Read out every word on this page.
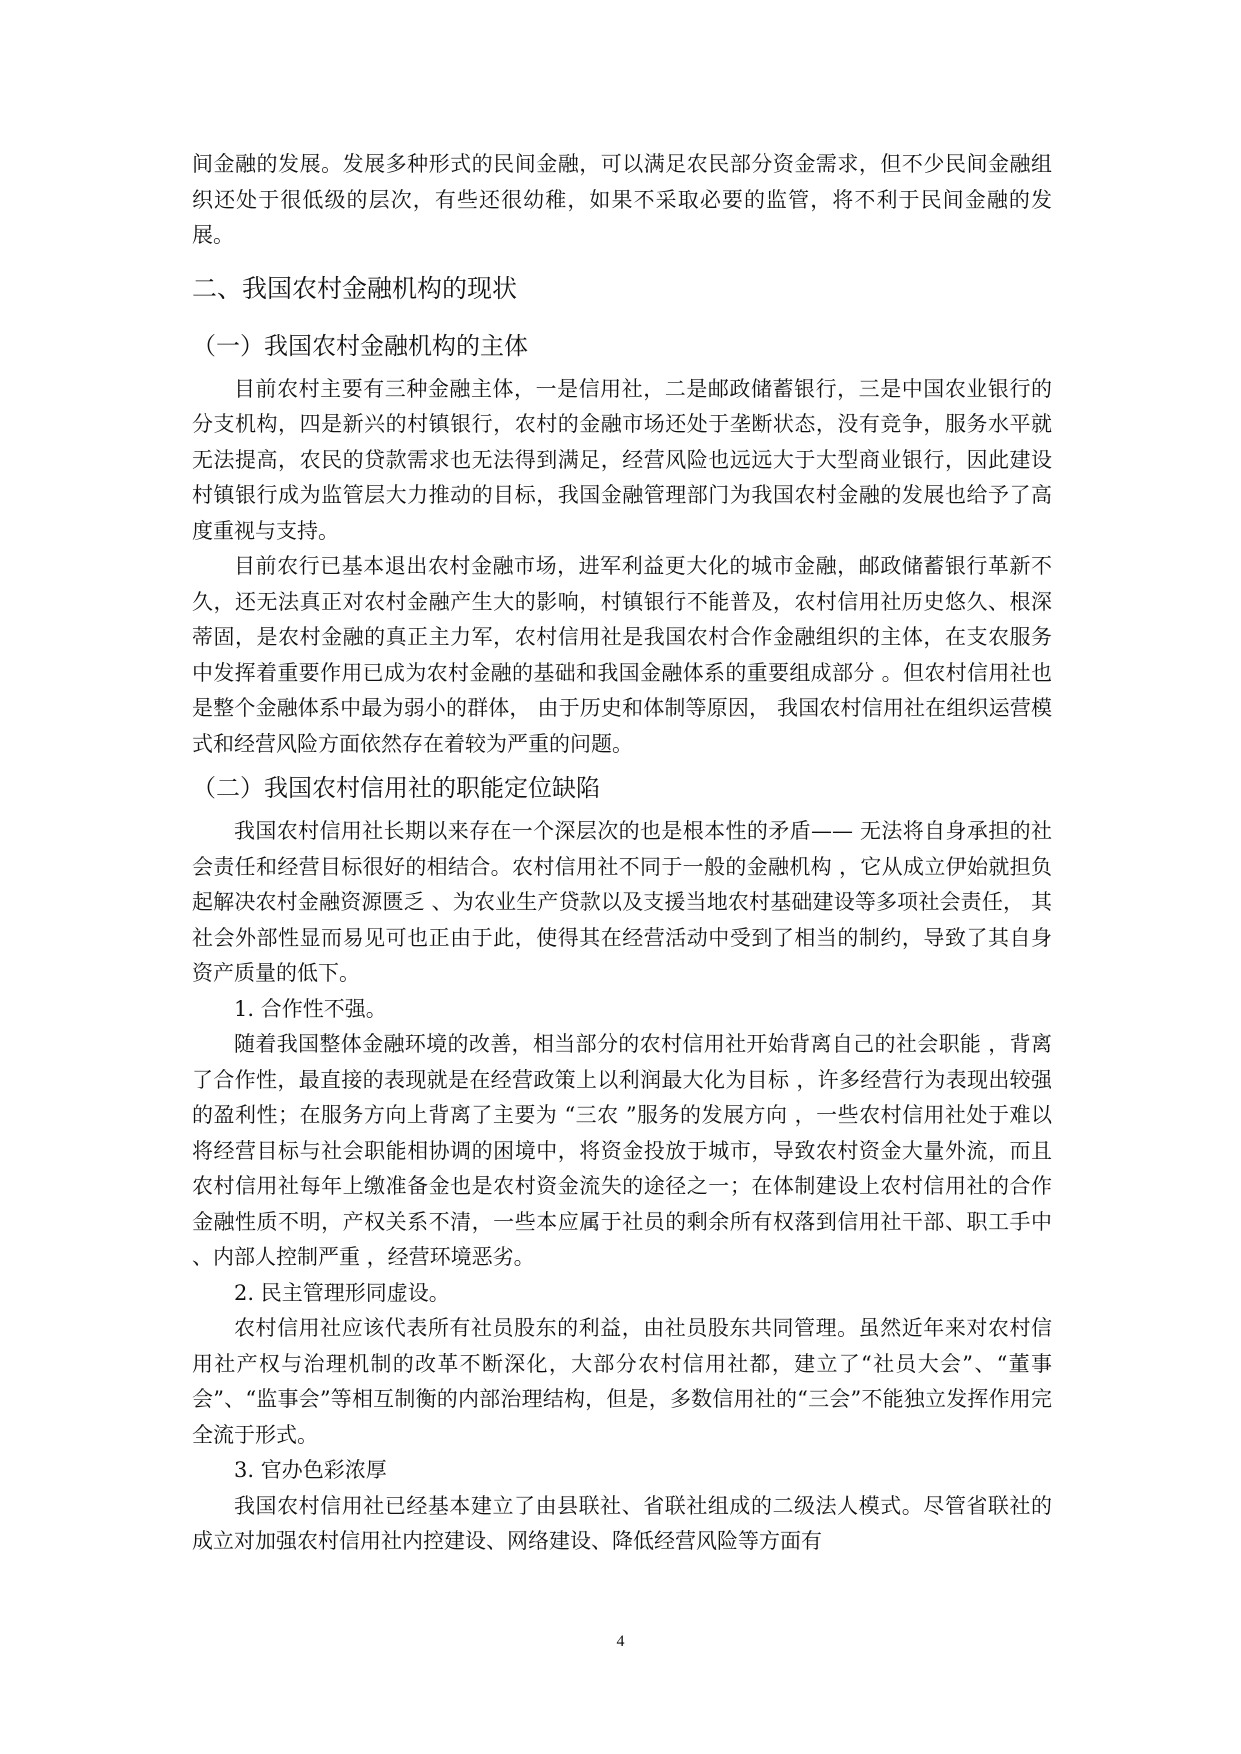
间金融的发展。发展多种形式的民间金融，可以满足农民部分资金需求，但不少民间金融组织还处于很低级的层次，有些还很幼稚，如果不采取必要的监管，将不利于民间金融的发展。

二、我国农村金融机构的现状
（一）我国农村金融机构的主体

目前农村主要有三种金融主体，一是信用社，二是邮政储蓄银行，三是中国农业银行的分支机构，四是新兴的村镇银行，农村的金融市场还处于垄断状态，没有竞争，服务水平就无法提高，农民的贷款需求也无法得到满足，经营风险也远远大于大型商业银行，因此建设村镇银行成为监管层大力推动的目标，我国金融管理部门为我国农村金融的发展也给予了高度重视与支持。

目前农行已基本退出农村金融市场，进军利益更大化的城市金融，邮政储蓄银行革新不久，还无法真正对农村金融产生大的影响，村镇银行不能普及，农村信用社历史悠久、根深蒂固，是农村金融的真正主力军，农村信用社是我国农村合作金融组织的主体，在支农服务中发挥着重要作用已成为农村金融的基础和我国金融体系的重要组成部分 。但农村信用社也是整个金融体系中最为弱小的群体， 由于历史和体制等原因， 我国农村信用社在组织运营模式和经营风险方面依然存在着较为严重的问题。

（二）我国农村信用社的职能定位缺陷

我国农村信用社长期以来存在一个深层次的也是根本性的矛盾—— 无法将自身承担的社会责任和经营目标很好的相结合。农村信用社不同于一般的金融机构 ，它从成立伊始就担负起解决农村金融资源匮乏 、为农业生产贷款以及支援当地农村基础建设等多项社会责任， 其社会外部性显而易见可也正由于此，使得其在经营活动中受到了相当的制约，导致了其自身资产质量的低下。

1. 合作性不强。

随着我国整体金融环境的改善，相当部分的农村信用社开始背离自己的社会职能 ，背离了合作性，最直接的表现就是在经营政策上以利润最大化为目标 ，许多经营行为表现出较强的盈利性；在服务方向上背离了主要为 “三农 ”服务的发展方向 ，一些农村信用社处于难以将经营目标与社会职能相协调的困境中，将资金投放于城市，导致农村资金大量外流，而且农村信用社每年上缴准备金也是农村资金流失的途径之一；在体制建设上农村信用社的合作金融性质不明，产权关系不清，一些本应属于社员的剩余所有权落到信用社干部、职工手中 、内部人控制严重 ，经营环境恶劣。

2. 民主管理形同虚设。

农村信用社应该代表所有社员股东的利益，由社员股东共同管理。虽然近年来对农村信用社产权与治理机制的改革不断深化，大部分农村信用社都，建立了“社员大会”、“董事会”、“监事会”等相互制衡的内部治理结构，但是，多数信用社的“三会”不能独立发挥作用完全流于形式。

3. 官办色彩浓厚

我国农村信用社已经基本建立了由县联社、省联社组成的二级法人模式。尽管省联社的成立对加强农村信用社内控建设、网络建设、降低经营风险等方面有

4
